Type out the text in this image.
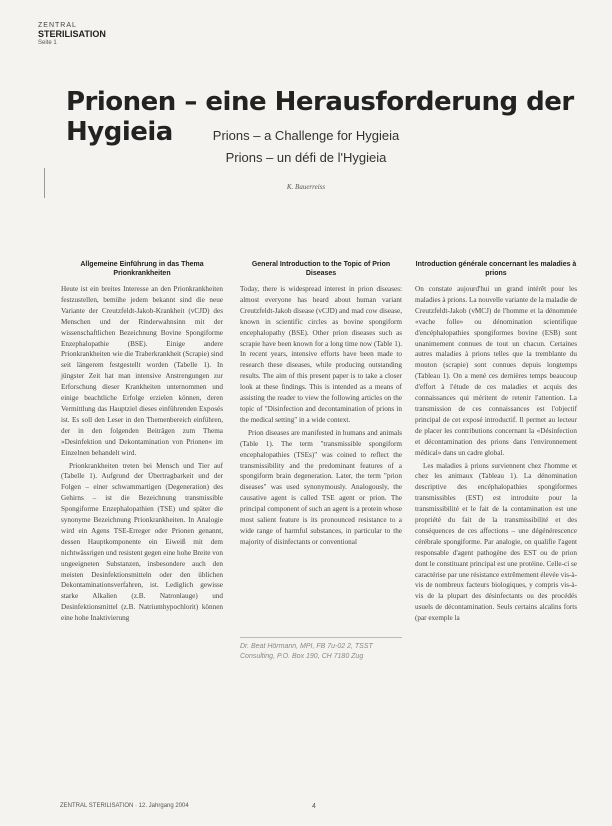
ZENTRAL
STERILISATION
Seite 1
Prionen – eine Herausforderung der Hygieia	Prions – a Challenge for Hygieia
Prions – un défi de l'Hygieia
K. Bauerreiss
Allgemeine Einführung in das Thema Prionkrankheiten

Heute ist ein breites Interesse an den Prionkrankheiten festzustellen, bemühe jedem bekannt sind die neue Variante der Creutzfeldt-Jakob-Krankheit (vCJD) des Menschen und der Rinderwahnsinn mit der wissenschaftlichen Bezeichnung Bovine Spongiforme Enzephalopathie (BSE). Einige andere Prionkrankheiten wie die Traberkrankheit (Scrapie) sind seit längerem festgestellt worden (Tabelle 1). In jüngster Zeit hat man intensive Anstrengungen zur Erforschung dieser Krankheiten unternommen und einige beachtliche Erfolge erzielen können, deren Vermittlung das Hauptziel dieses einführenden Exposés ist. Es soll den Leser in den Themenbereich einführen, der in den folgenden Beiträgen zum Thema »Desinfektion und Dekontamination von Prionen« im Einzelnen behandelt wird.

Prionkrankheiten treten bei Mensch und Tier auf (Tabelle 1). Aufgrund der Übertragbarkeit und der Folgen – einer schwammartigen (Degeneration) des Gehirns – ist die Bezeichnung transmissible Spongiforme Enzephalopathien (TSE) und später die synonyme Bezeichnung Prionkrankheiten. In Analogie wird ein Agens TSE-Erreger oder Prionen genannt, dessen Hauptkomponente ein Eiweiß mit dem nichtwässrigen und resistent gegen eine hohe Breite von ungeeigneten Substanzen, insbesondere auch den meisten Desinfektionsmitteln oder den üblichen Dekontaminationsverfahren, ist. Lediglich gewisse starke Alkalien (z.B. Natronlauge) und Desinfektionsmittel (z.B. Natriumhypochlorit) können eine hohe Inaktivierung

General Introduction to the Topic of Prion Diseases

Today, there is widespread interest in prion diseases: almost everyone has heard about human variant Creutzfeldt-Jakob disease (vCJD) and mad cow disease, known in scientific circles as bovine spongiform encephalopathy (BSE). Other prion diseases such as scrapie have been known for a long time now (Table 1). In recent years, intensive efforts have been made to research these diseases, while producing outstanding results. The aim of this present paper is to take a closer look at these findings. This is intended as a means of assisting the reader to view the following articles on the topic of "Disinfection and decontamination of prions in the medical setting" in a wide context.

Prion diseases are manifested in humans and animals (Table 1). The term "transmissible spongiform encephalopathies (TSEs)" was coined to reflect the transmissibility and the predominant features of a spongiform brain degeneration. Later, the term "prion diseases" was used synonymously. Analogously, the causative agent is called TSE agent or prion. The principal component of such an agent is a protein whose most salient feature is its pronounced resistance to a wide range of harmful substances, in particular to the majority of disinfectants or conventional

Introduction générale concernant les maladies à prions

On constate aujourd'hui un grand intérêt pour les maladies à prions. La nouvelle variante de la maladie de Creutzfeldt-Jakob (vMCJ) de l'homme et la dénommée «vache folle» ou dénomination scientifique d'encéphalopathies spongiformes bovine (ESB) sont unanimement connues de tout un chacun. Certaines autres maladies à prions telles que la tremblante du mouton (scrapie) sont connues depuis longtemps (Tableau 1). On a mené ces dernières temps beaucoup d'effort à l'étude de ces maladies et acquis des connaissances qui méritent de retenir l'attention. La transmission de ces connaissances est l'objectif principal de cet exposé introductif. Il permet au lecteur de placer les contributions concernant la «Désinfection et décontamination des prions dans l'environnement médical» dans un cadre global.

Les maladies à prions surviennent chez l'homme et chez les animaux (Tableau 1). La dénomination descriptive des encéphalopathies spongiformes transmissibles (EST) est introduite pour la transmissibilité et le fait de la contamination est une propriété du fait de la transmissibilité et des conséquences de ces affections – une dégénérescence cérébrale spongiforme. Par analogie, on qualifie l'agent responsable d'agent pathogène des EST ou de prion dont le constituant principal est une protéine. Celle-ci se caractérise par une résistance extrêmement élevée vis-à-vis de nombreux facteurs biologiques, y compris vis-à-vis de la plupart des désinfectants ou des procédés usuels de décontamination. Seuls certains alcalins forts (par exemple la

Dr. Beat Hörmann, MPI, FB 7u-02 2, TSST Consulting, P.O. Box 190, CH 7180 Zug
ZENTRAL STERILISATION · 12. Jahrgang 2004	4
